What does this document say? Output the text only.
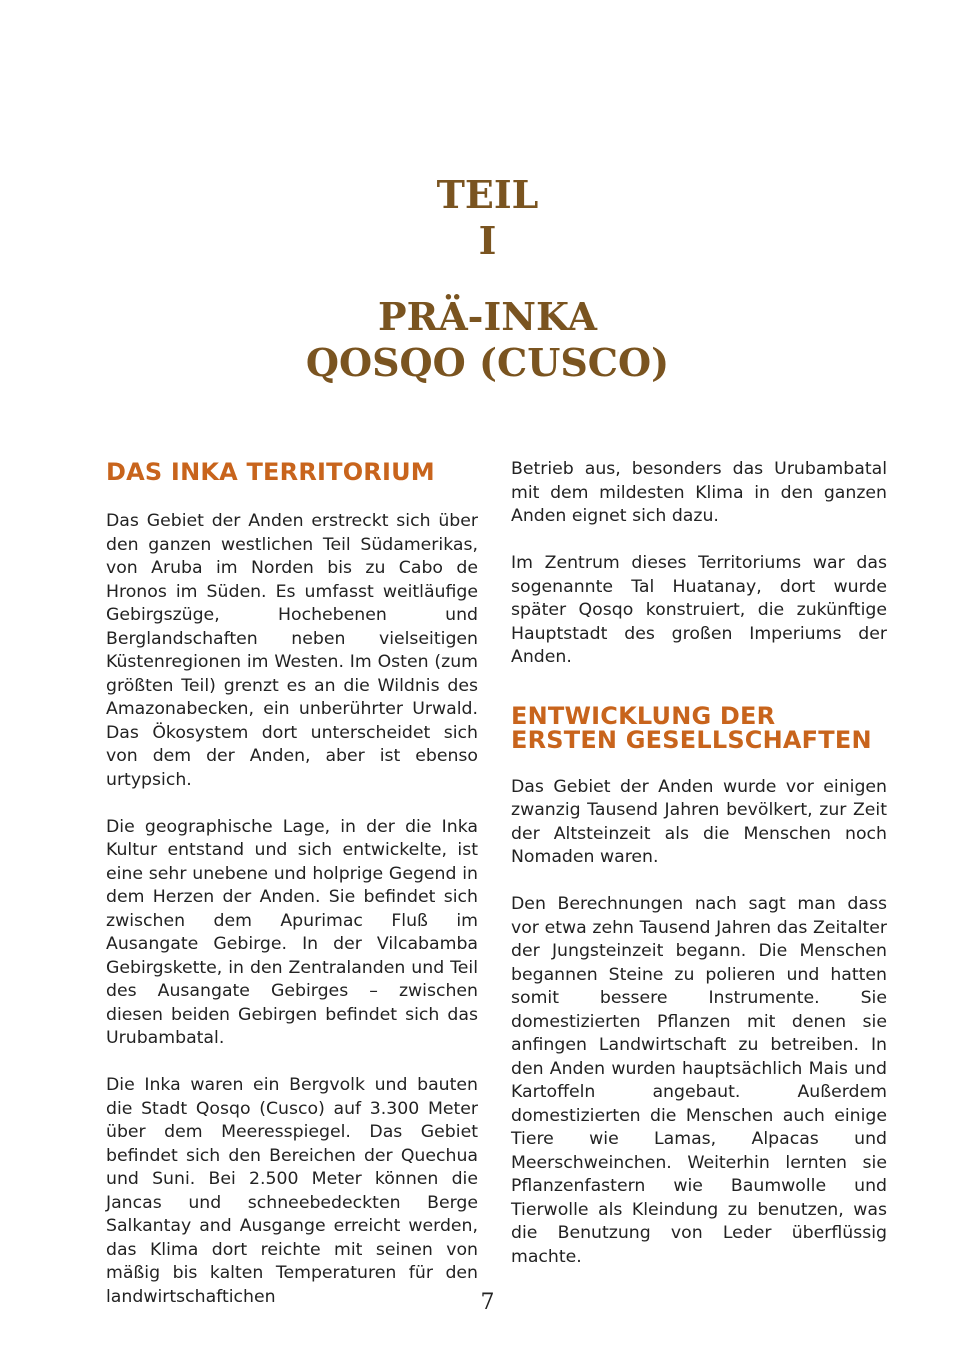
TEIL

I

PRÄ-INKA

QOSQO (CUSCO)

DAS INKA TERRITORIUM

Das Gebiet der Anden erstreckt sich über den ganzen westlichen Teil Südamerikas, von Aruba im Norden bis zu Cabo de Hronos im Süden. Es umfasst weitläufige Gebirgszüge, Hochebenen und Berglandschaften neben vielseitigen Küstenregionen im Westen. Im Osten (zum größten Teil) grenzt es an die Wildnis des Amazonabecken, ein unberührter Urwald. Das Ökosystem dort unterscheidet sich von dem der Anden, aber ist ebenso urtypsich.

Die geographische Lage, in der die Inka Kultur entstand und sich entwickelte, ist eine sehr unebene und holprige Gegend in dem Herzen der Anden. Sie befindet sich zwischen dem Apurimac Fluß im Ausangate Gebirge. In der Vilcabamba Gebirgskette, in den Zentralanden und Teil des Ausangate Gebirges – zwischen diesen beiden Gebirgen befindet sich das Urubambatal.

Die Inka waren ein Bergvolk und bauten die Stadt Qosqo (Cusco) auf 3.300 Meter über dem Meeresspiegel. Das Gebiet befindet sich den Bereichen der Quechua und Suni. Bei 2.500 Meter können die Jancas und schneebedeckten Berge Salkantay and Ausgange erreicht werden, das Klima dort reichte mit seinen von mäßig bis kalten Temperaturen für den landwirtschaftichen

Betrieb aus, besonders das Urubambatal mit dem mildesten Klima in den ganzen Anden eignet sich dazu.

Im Zentrum dieses Territoriums war das sogenannte Tal Huatanay, dort wurde später Qosqo konstruiert, die zukünftige Hauptstadt des großen Imperiums der Anden.

ENTWICKLUNG DER
ERSTEN GESELLSCHAFTEN

Das Gebiet der Anden wurde vor einigen zwanzig Tausend Jahren bevölkert, zur Zeit der Altsteinzeit als die Menschen noch Nomaden waren.

Den Berechnungen nach sagt man dass vor etwa zehn Tausend Jahren das Zeitalter der Jungsteinzeit begann. Die Menschen begannen Steine zu polieren und hatten somit bessere Instrumente. Sie domestizierten Pflanzen mit denen sie anfingen Landwirtschaft zu betreiben. In den Anden wurden hauptsächlich Mais und Kartoffeln angebaut. Außerdem domestizierten die Menschen auch einige Tiere wie Lamas, Alpacas und Meerschweinchen. Weiterhin lernten sie Pflanzenfastern wie Baumwolle und Tierwolle als Kleindung zu benutzen, was die Benutzung von Leder überflüssig machte.

7
